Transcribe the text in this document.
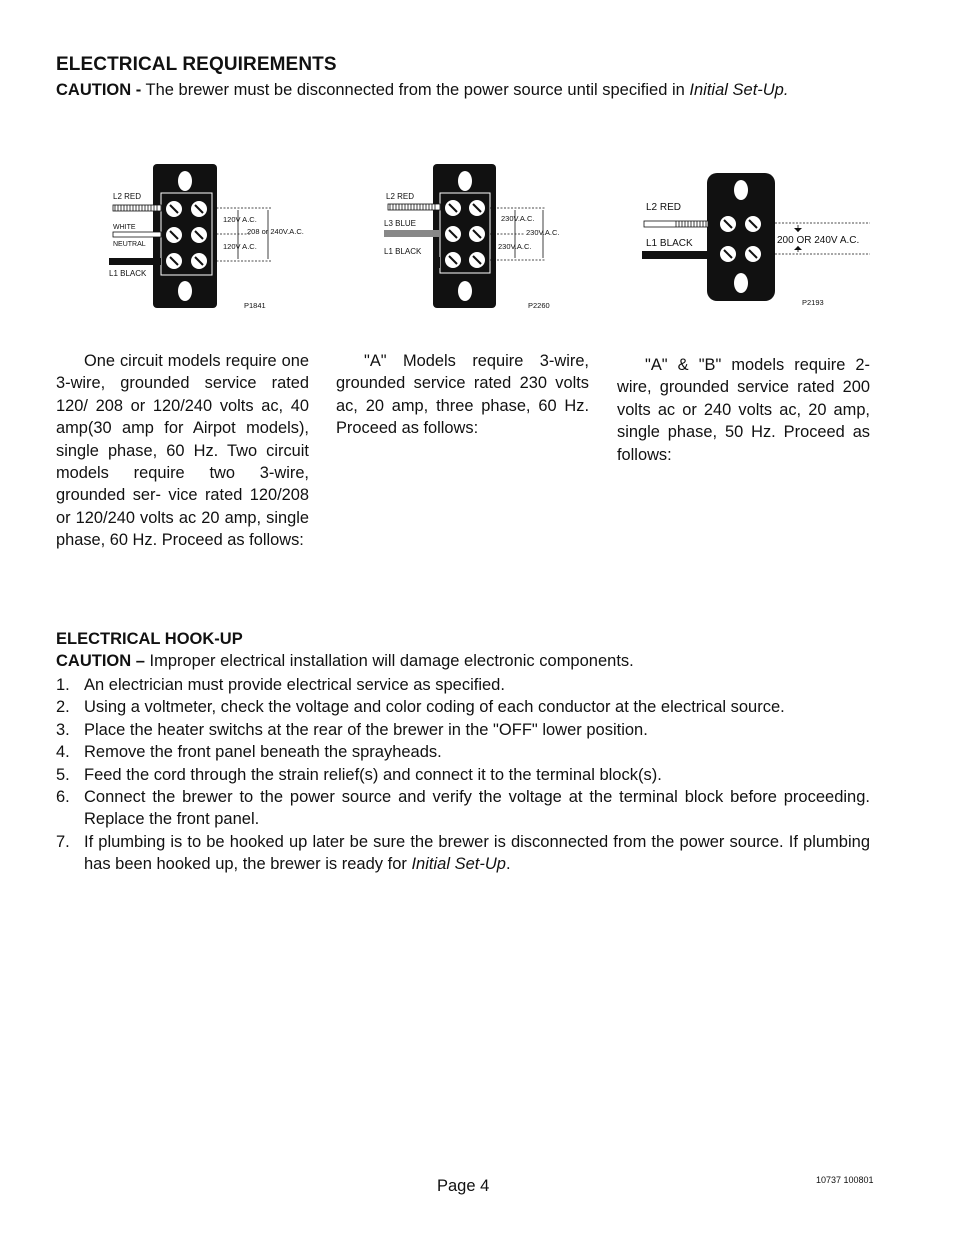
ELECTRICAL REQUIREMENTS
CAUTION - The brewer must be disconnected from the power source until specified in Initial Set-Up.
L2 RED
WHITE
NEUTRAL
L1 BLACK
120V A.C.
208 or 240V.A.C.
120V A.C.
P1841
L2 RED
L3 BLUE
L1 BLACK
230V.A.C.
230V.A.C.
230V.A.C.
P2260
L2 RED
L1 BLACK	200 OR 240V A.C.
P2193

One circuit models require one 3-wire, grounded service rated 120/ 208 or 120/240 volts ac, 40 amp(30 amp for Airpot models), single phase, 60 Hz. Two circuit models require two 3-wire, grounded ser- vice rated 120/208 or 120/240 volts ac 20 amp, single phase, 60 Hz. Proceed as follows:

"A" Models require 3-wire, grounded service rated 230 volts ac, 20 amp, three phase, 60 Hz. Proceed as follows:

"A" & "B" models require 2-wire, grounded service rated 200 volts ac or 240 volts ac, 20 amp, single phase, 50 Hz. Proceed as follows:

ELECTRICAL HOOK-UP
CAUTION – Improper electrical installation will damage electronic components.
1. An electrician must provide electrical service as specified.
2. Using a voltmeter, check the voltage and color coding of each conductor at the electrical source.
3. Place the heater switchs at the rear of the brewer in the "OFF" lower position.
4. Remove the front panel beneath the sprayheads.
5. Feed the cord through the strain relief(s) and connect it to the terminal block(s).
6. Connect the brewer to the power source and verify the voltage at the terminal block before proceeding. Replace the front panel.
7. If plumbing is to be hooked up later be sure the brewer is disconnected from the power source. If plumbing has been hooked up, the brewer is ready for Initial Set-Up.
Page 4	10737 100801
